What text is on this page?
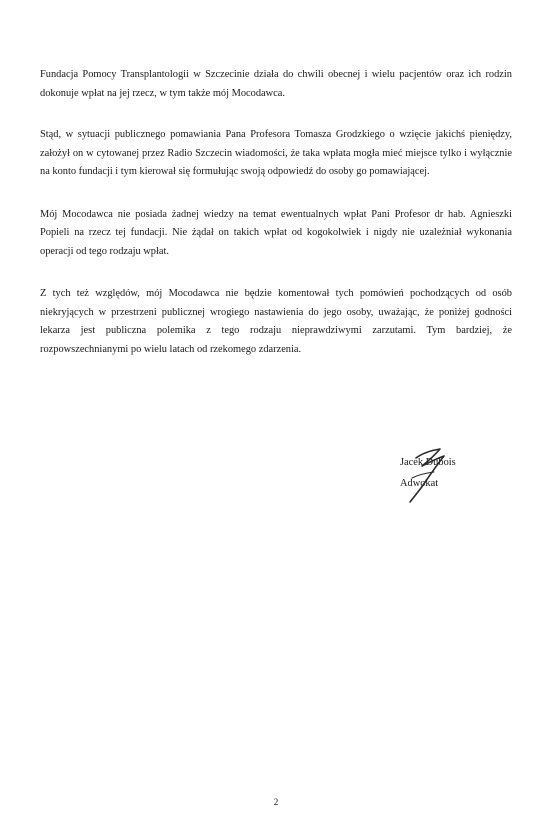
Fundacja Pomocy Transplantologii w Szczecinie działa do chwili obecnej i wielu pacjentów oraz ich rodzin dokonuje wpłat na jej rzecz, w tym także mój Mocodawca.

Stąd, w sytuacji publicznego pomawiania Pana Profesora Tomasza Grodzkiego o wzięcie jakichś pieniędzy, założył on w cytowanej przez Radio Szczecin wiadomości, że taka wpłata mogła mieć miejsce tylko i wyłącznie na konto fundacji i tym kierował się formułując swoją odpowiedź do osoby go pomawiającej.

Mój Mocodawca nie posiada żadnej wiedzy na temat ewentualnych wpłat Pani Profesor dr hab. Agnieszki Popieli na rzecz tej fundacji. Nie żądał on takich wpłat od kogokolwiek i nigdy nie uzależniał wykonania operacji od tego rodzaju wpłat.

Z tych też względów, mój Mocodawca nie będzie komentował tych pomówień pochodzących od osób niekryjących w przestrzeni publicznej wrogiego nastawienia do jego osoby, uważając, że poniżej godności lekarza jest publiczna polemika z tego rodzaju nieprawdziwymi zarzutami. Tym bardziej, że rozpowszechnianymi po wielu latach od rzekomego zdarzenia.

Jacek Dubois
Adwokat
2
